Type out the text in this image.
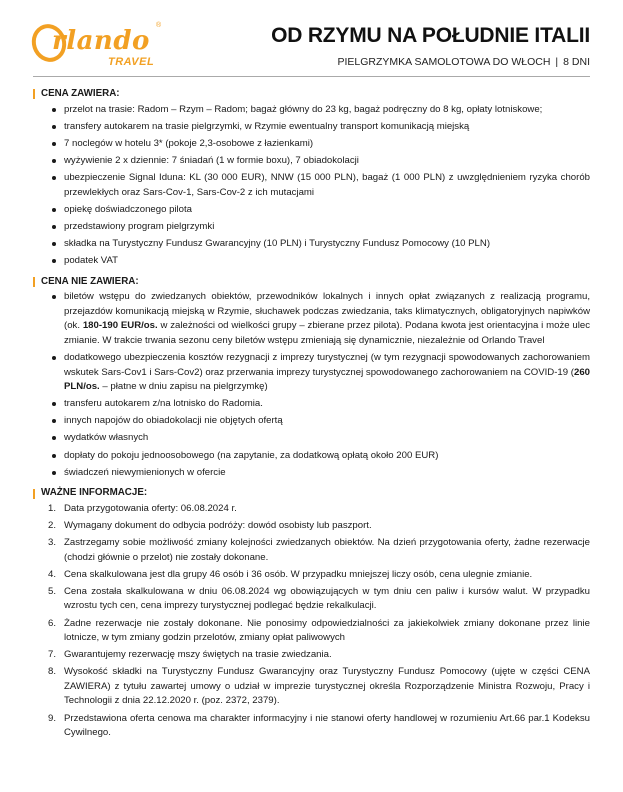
rlando
®
TRAVEL
OD RZYMU NA POŁUDNIE ITALII
PIELGRZYMKA SAMOLOTOWA DO WŁOCH | 8 DNI
CENA ZAWIERA:
przelot na trasie: Radom – Rzym – Radom; bagaż główny do 23 kg, bagaż podręczny do 8 kg, opłaty lotniskowe;
transfery autokarem na trasie pielgrzymki, w Rzymie ewentualny transport komunikacją miejską
7 noclegów w hotelu 3* (pokoje 2,3-osobowe z łazienkami)
wyżywienie 2 x dziennie: 7 śniadań (1 w formie boxu), 7 obiadokolacji
ubezpieczenie Signal Iduna: KL (30 000 EUR), NNW (15 000 PLN), bagaż (1 000 PLN) z uwzględnieniem ryzyka chorób przewlekłych oraz Sars-Cov-1, Sars-Cov-2 z ich mutacjami
opiekę doświadczonego pilota
przedstawiony program pielgrzymki
składka na Turystyczny Fundusz Gwarancyjny (10 PLN) i Turystyczny Fundusz Pomocowy (10 PLN)
podatek VAT
CENA NIE ZAWIERA:
biletów wstępu do zwiedzanych obiektów, przewodników lokalnych i innych opłat związanych z realizacją programu, przejazdów komunikacją miejską w Rzymie, słuchawek podczas zwiedzania, taks klimatycznych, obligatoryjnych napiwków (ok. 180-190 EUR/os. w zależności od wielkości grupy – zbierane przez pilota). Podana kwota jest orientacyjna i może ulec zmianie. W trakcie trwania sezonu ceny biletów wstępu zmieniają się dynamicznie, niezależnie od Orlando Travel
dodatkowego ubezpieczenia kosztów rezygnacji z imprezy turystycznej (w tym rezygnacji spowodowanych zachorowaniem wskutek Sars-Cov1 i Sars-Cov2) oraz przerwania imprezy turystycznej spowodowanego zachorowaniem na COVID-19 (260 PLN/os. – płatne w dniu zapisu na pielgrzymkę)
transferu autokarem z/na lotnisko do Radomia.
innych napojów do obiadokolacji nie objętych ofertą
wydatków własnych
dopłaty do pokoju jednoosobowego (na zapytanie, za dodatkową opłatą około 200 EUR)
świadczeń niewymienionych w ofercie
WAŻNE INFORMACJE:
1. Data przygotowania oferty: 06.08.2024 r.
2. Wymagany dokument do odbycia podróży: dowód osobisty lub paszport.
3. Zastrzegamy sobie możliwość zmiany kolejności zwiedzanych obiektów. Na dzień przygotowania oferty, żadne rezerwacje (chodzi głównie o przelot) nie zostały dokonane.
4. Cena skalkulowana jest dla grupy 46 osób i 36 osób. W przypadku mniejszej liczy osób, cena ulegnie zmianie.
5. Cena została skalkulowana w dniu 06.08.2024 wg obowiązujących w tym dniu cen paliw i kursów walut. W przypadku wzrostu tych cen, cena imprezy turystycznej podlegać będzie rekalkulacji.
6. Żadne rezerwacje nie zostały dokonane. Nie ponosimy odpowiedzialności za jakiekolwiek zmiany dokonane przez linie lotnicze, w tym zmiany godzin przelotów, zmiany opłat paliwowych
7. Gwarantujemy rezerwację mszy świętych na trasie zwiedzania.
8. Wysokość składki na Turystyczny Fundusz Gwarancyjny oraz Turystyczny Fundusz Pomocowy (ujęte w części CENA ZAWIERA) z tytułu zawartej umowy o udział w imprezie turystycznej określa Rozporządzenie Ministra Rozwoju, Pracy i Technologii z dnia 22.12.2020 r. (poz. 2372, 2379).
9. Przedstawiona oferta cenowa ma charakter informacyjny i nie stanowi oferty handlowej w rozumieniu Art.66 par.1 Kodeksu Cywilnego.
